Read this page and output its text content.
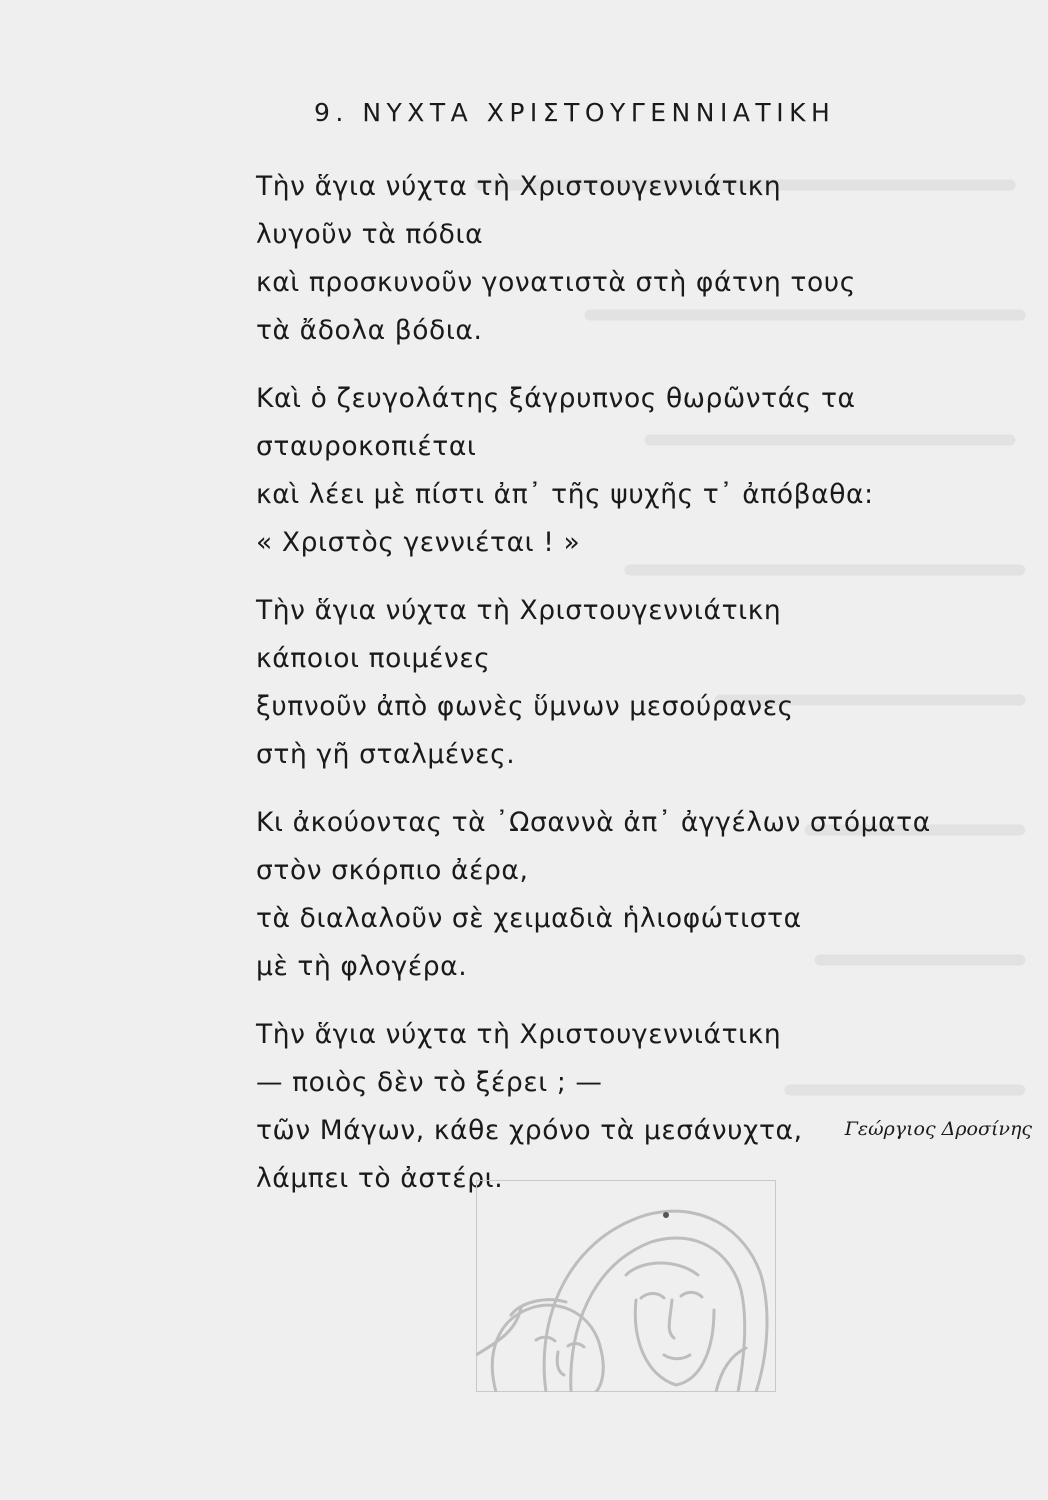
9. ΝΥΧΤΑ ΧΡΙΣΤΟΥΓΕΝΝΙΑΤΙΚΗ
Τὴν ἅγια νύχτα τὴ Χριστουγεννιάτικη
λυγοῦν τὰ πόδια
καὶ προσκυνοῦν γονατιστὰ στὴ φάτνη τους
τὰ ἄδολα βόδια.
Καὶ ὁ ζευγολάτης ξάγρυπνος θωρῶντάς τα
σταυροκοπιέται
καὶ λέει μὲ πίστι ἀπ᾽ τῆς ψυχῆς τ᾽ ἀπόβαθα:
« Χριστὸς γεννιέται ! »
Τὴν ἅγια νύχτα τὴ Χριστουγεννιάτικη
κάποιοι ποιμένες
ξυπνοῦν ἀπὸ φωνὲς ὕμνων μεσούρανες
στὴ γῆ σταλμένες.
Κι ἀκούοντας τὰ ᾽Ωσαννὰ ἀπ᾽ ἀγγέλων στόματα
στὸν σκόρπιο ἀέρα,
τὰ διαλαλοῦν σὲ χειμαδιὰ ἡλιοφώτιστα
μὲ τὴ φλογέρα.
Τὴν ἅγια νύχτα τὴ Χριστουγεννιάτικη
— ποιὸς δὲν τὸ ξέρει ; —
τῶν Μάγων, κάθε χρόνο τὰ μεσάνυχτα,
λάμπει τὸ ἀστέρι.
Γεώργιος Δροσίνης
